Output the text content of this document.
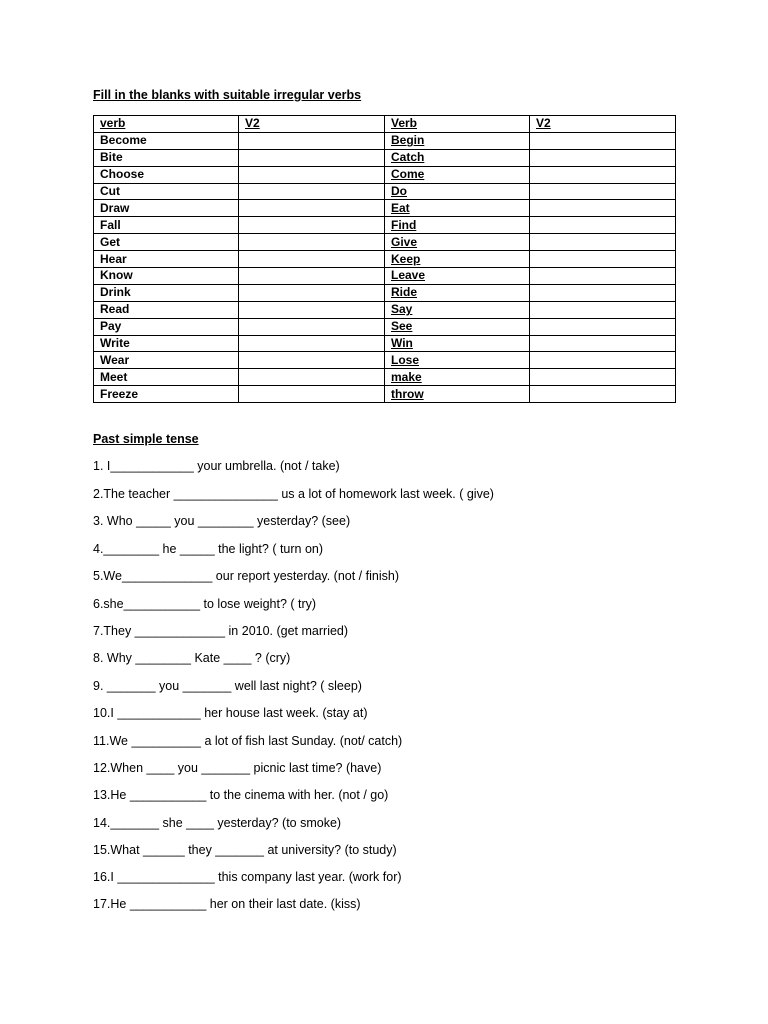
Fill in the blanks with suitable irregular verbs
verb	V2	Verb	V2
Become		Begin	
Bite		Catch	
Choose		Come	
Cut		Do	
Draw		Eat	
Fall		Find	
Get		Give	
Hear		Keep	
Know		Leave	
Drink		Ride	
Read		Say	
Pay		See	
Write		Win	
Wear		Lose	
Meet		make	
Freeze		throw	
Past simple tense
1. I____________ your umbrella. (not / take)
2.The teacher _______________ us a lot of homework last week. ( give)
3. Who _____ you ________ yesterday? (see)
4.________ he _____ the light? ( turn on)
5.We_____________ our report yesterday. (not / finish)
6.she___________ to lose weight? ( try)
7.They _____________ in 2010. (get married)
8. Why ________ Kate ____ ? (cry)
9. _______ you _______ well last night? ( sleep)
10.I ____________ her house last week. (stay at)
11.We __________ a lot of fish last Sunday. (not/ catch)
12.When ____ you _______ picnic last time? (have)
13.He ___________ to the cinema with her. (not / go)
14._______ she ____ yesterday? (to smoke)
15.What ______ they _______ at university? (to study)
16.I ______________ this company last year. (work for)
17.He ___________ her on their last date. (kiss)
